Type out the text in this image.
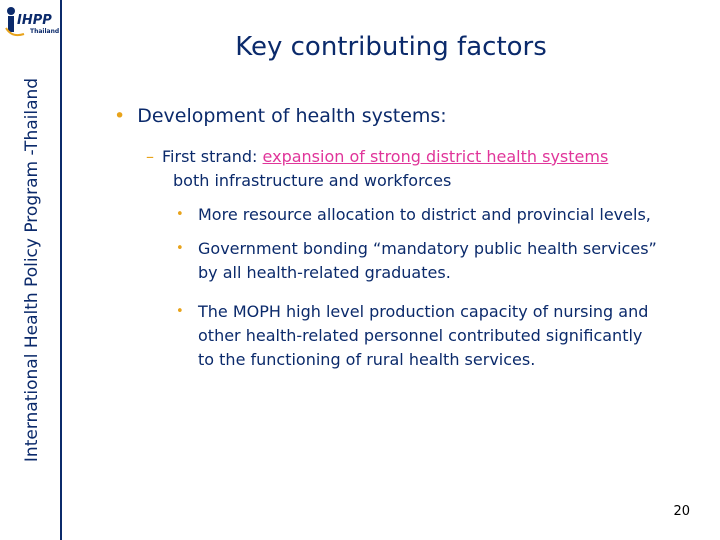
IHPP
Thailand
International Health Policy Program -Thailand
Key contributing factors
• Development of health systems:
– First strand: expansion of strong district health systems
both infrastructure and workforces
• More resource allocation to district and provincial levels,
• Government bonding “mandatory public health services”
by all health-related graduates.
• The MOPH high level production capacity of nursing and
other health-related personnel contributed significantly
to the functioning of rural health services.
20
